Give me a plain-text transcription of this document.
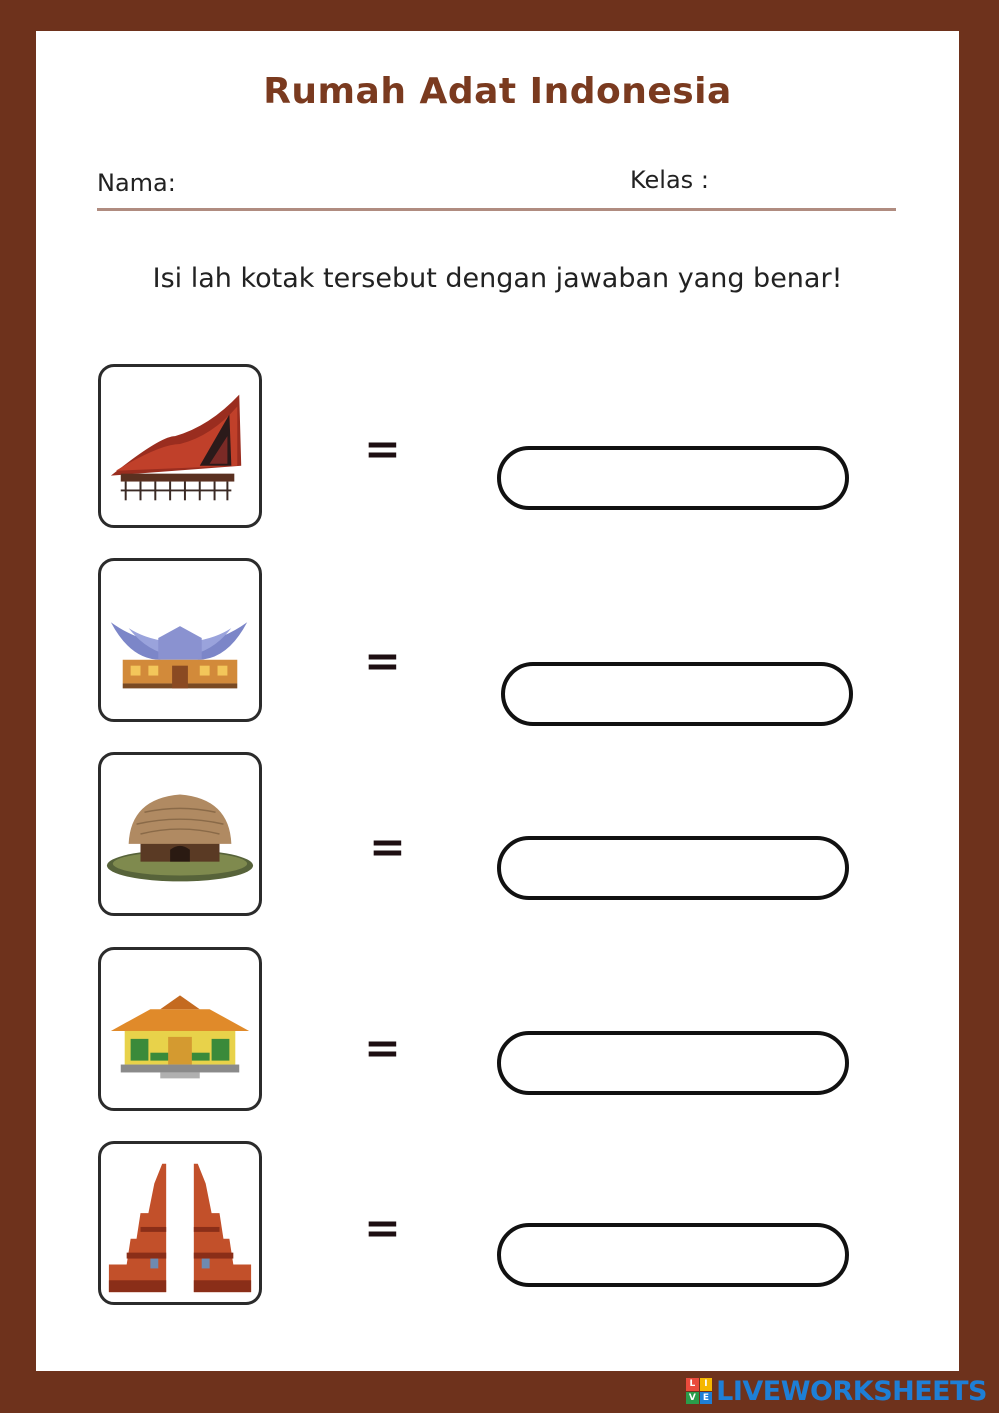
Rumah Adat Indonesia
Nama:	Kelas :
Isi lah kotak tersebut dengan jawaban yang benar!
=
=
=
=
=
L I
V E LIVEWORKSHEETS
